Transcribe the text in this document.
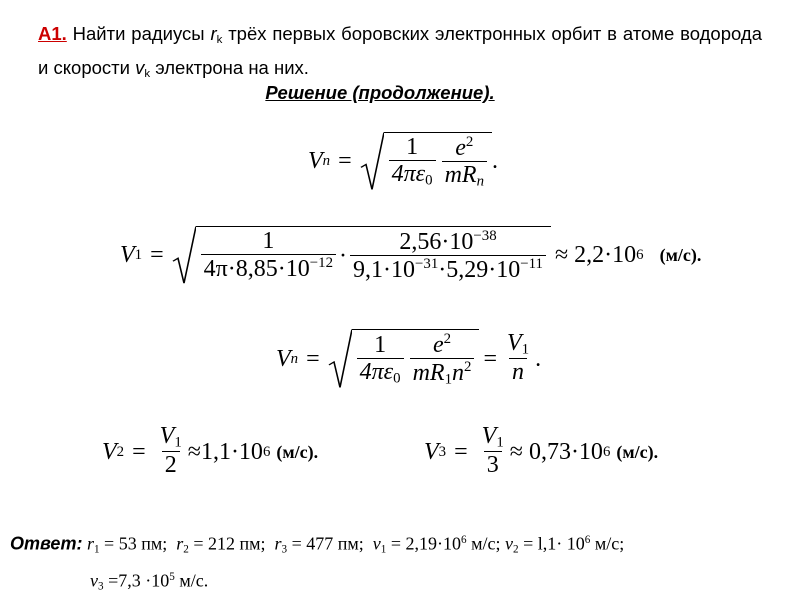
А1. Найти радиусы $r_k$ трёх первых боровских электронных орбит в атоме водорода и скорости $v_k$ электрона на них.
Решение (продолжение).
V $n = \frac{1}{4\pi\varepsilon_0} \frac{e^2}{mR_n}$ .
V $1 = \frac{1}{4\pi\cdot 8,85\cdot 10^{-12}} \cdot \frac{2,56\cdot 10^{-38}}{9,1\cdot 10^{-31}\cdot 5,29\cdot 10^{-11}} \approx 2,2\cdot 10$ 6 (м/с).
V $n = \frac{1}{4\pi\varepsilon_0} \frac{e^2}{mR_1n^2} = \frac{V_1}{n}$ .
V $2 = \frac{V_1}{2} \approx 1,1\cdot 10$ 6 (м/с).	V $3 = \frac{V_1}{3} \approx 0,73\cdot 10$ 6 (м/с).
Ответ: $r_1 = 53$ пм; $r_2 = 212$ пм; $r_3 = 477$ пм; $v_1 = 2,19\cdot 10^6$ м/с; $v_2 = l,1\cdot 10^6$ м/с;
$v_3 =7,3 \cdot 10^5$ м/с.
